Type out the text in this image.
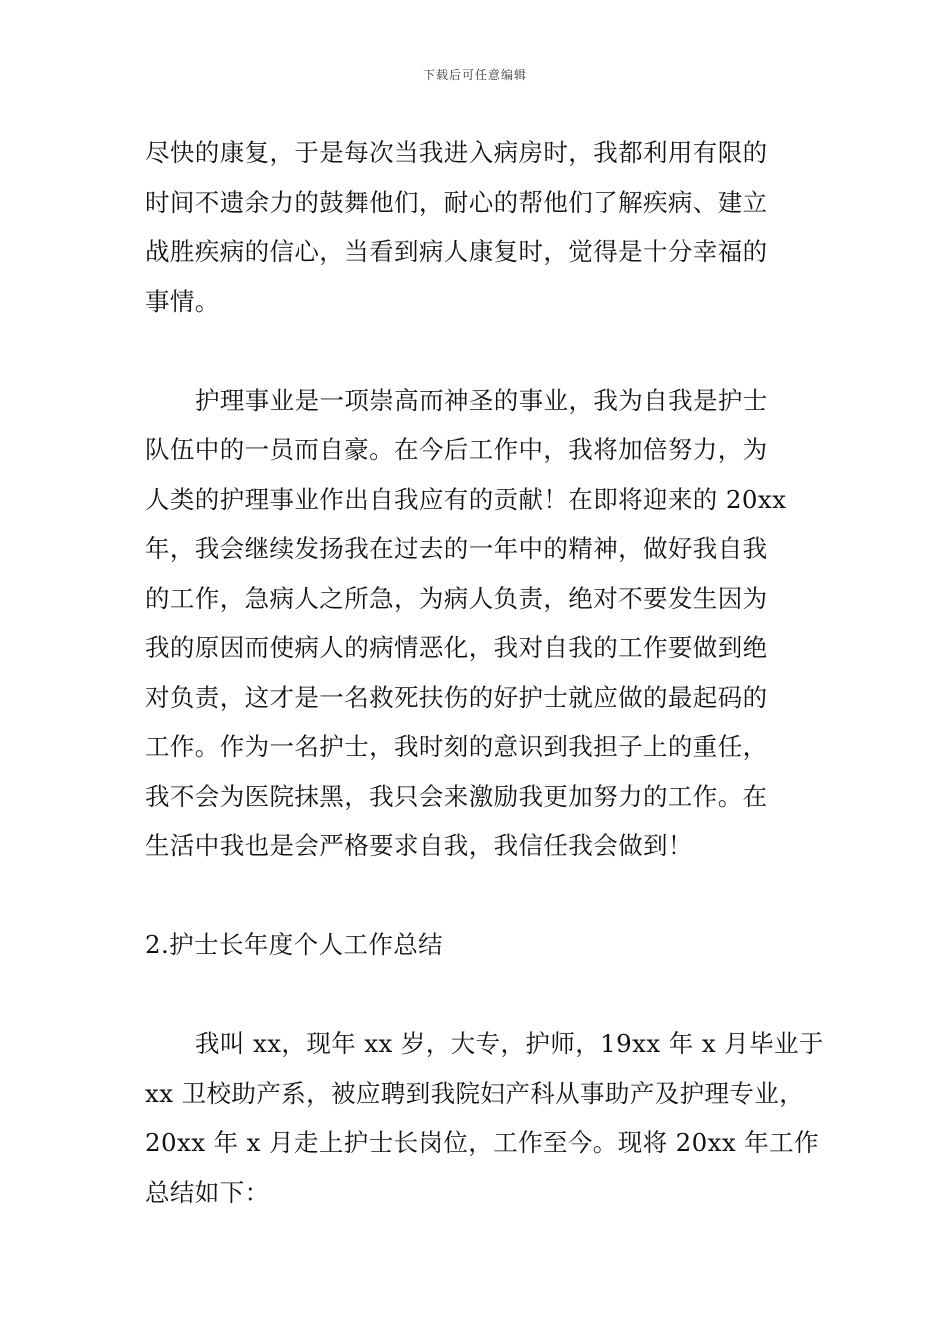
下载后可任意编辑
尽快的康复，于是每次当我进入病房时，我都利用有限的
时间不遗余力的鼓舞他们，耐心的帮他们了解疾病、建立
战胜疾病的信心，当看到病人康复时，觉得是十分幸福的
事情。
护理事业是一项崇高而神圣的事业，我为自我是护士
队伍中的一员而自豪。在今后工作中，我将加倍努力，为
人类的护理事业作出自我应有的贡献！在即将迎来的 20xx
年，我会继续发扬我在过去的一年中的精神，做好我自我
的工作，急病人之所急，为病人负责，绝对不要发生因为
我的原因而使病人的病情恶化，我对自我的工作要做到绝
对负责，这才是一名救死扶伤的好护士就应做的最起码的
工作。作为一名护士，我时刻的意识到我担子上的重任，
我不会为医院抹黑，我只会来激励我更加努力的工作。在
生活中我也是会严格要求自我，我信任我会做到！
2.护士长年度个人工作总结
我叫 xx，现年 xx 岁，大专，护师，19xx 年 x 月毕业于
xx 卫校助产系，被应聘到我院妇产科从事助产及护理专业，
20xx 年 x 月走上护士长岗位，工作至今。现将 20xx 年工作
总结如下：
